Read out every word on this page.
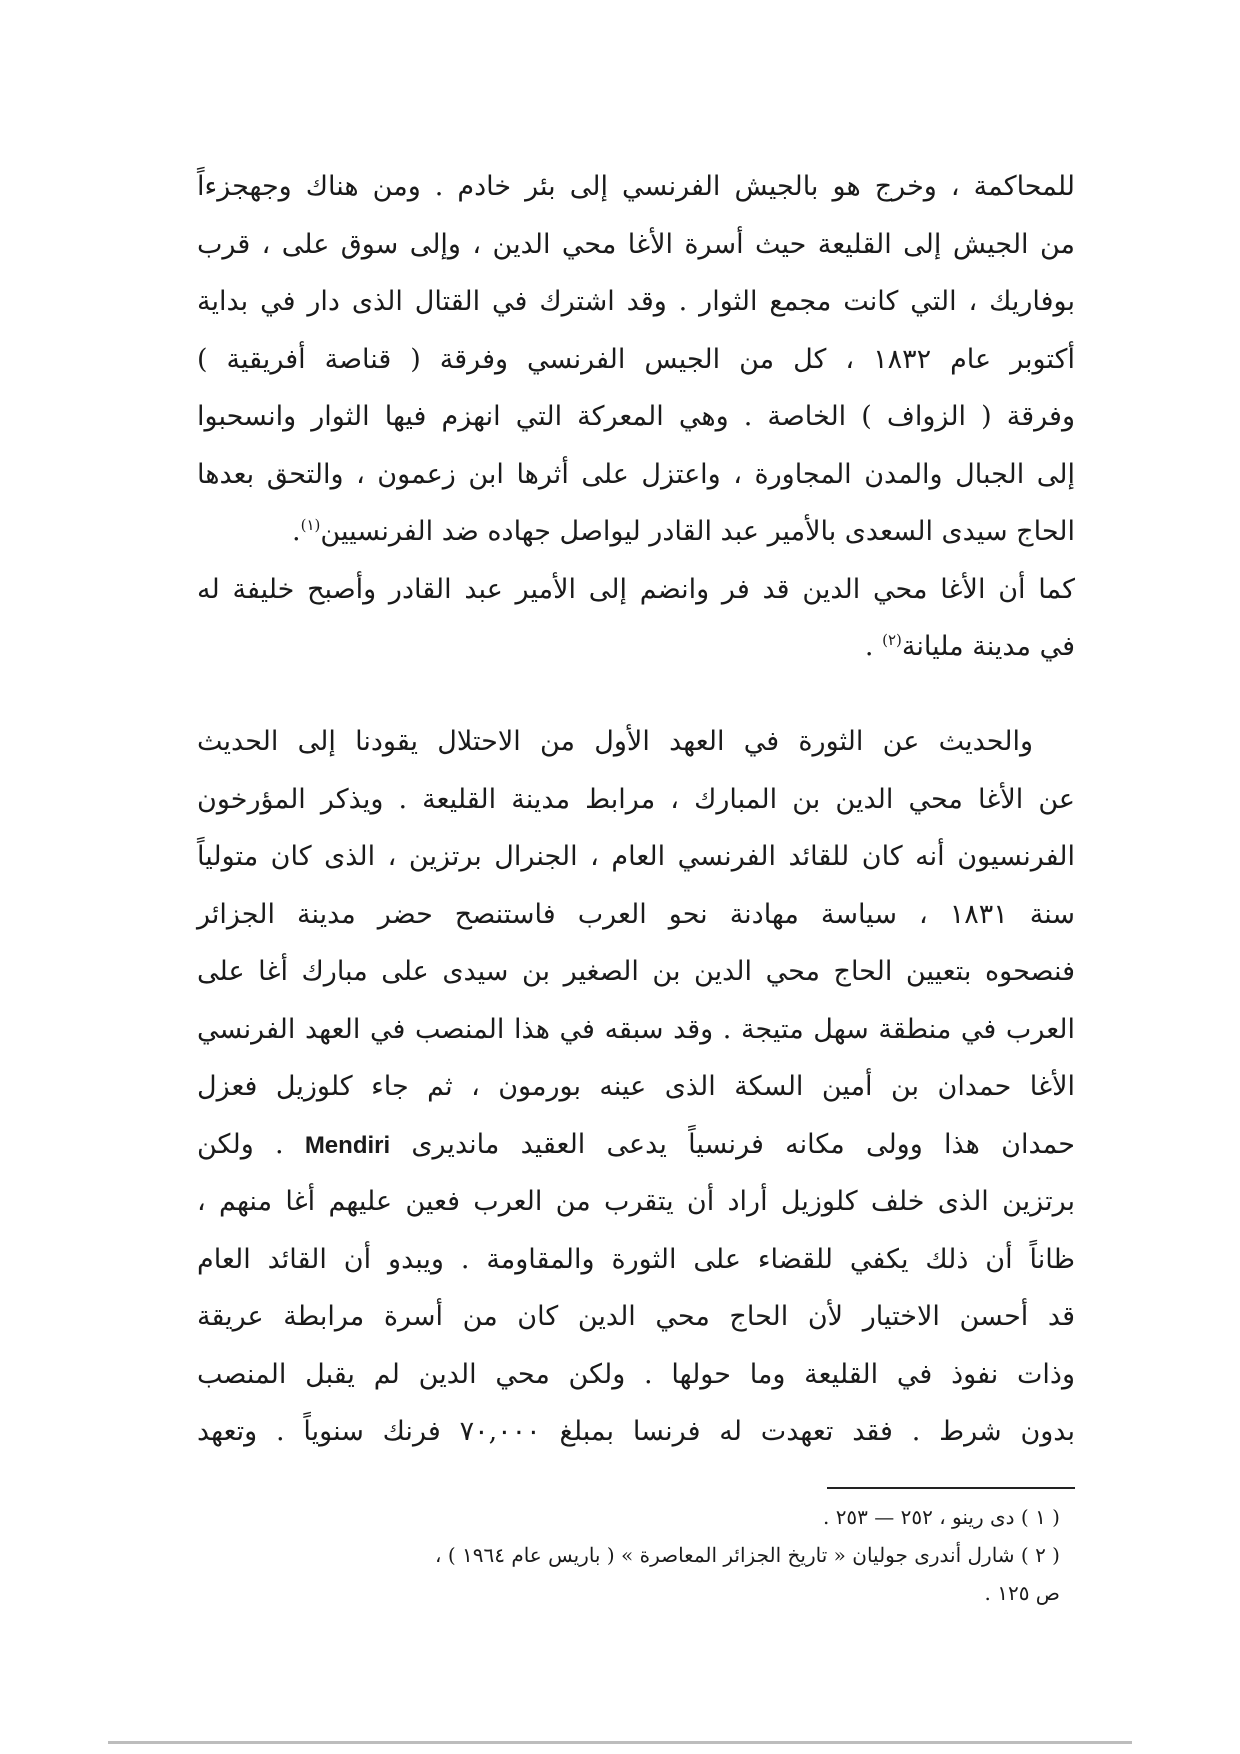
للمحاكمة ، وخرج هو بالجيش الفرنسي إلى بئر خادم . ومن هناك وجهجزءاً
من الجيش إلى القليعة حيث أسرة الأغا محي الدين ، وإلى سوق على ، قرب
بوفاريك ، التي كانت مجمع الثوار . وقد اشترك في القتال الذى دار في بداية
أكتوبر عام ١٨٣٢ ، كل من الجيس الفرنسي وفرقة ( قناصة أفريقية )
وفرقة ( الزواف ) الخاصة . وهي المعركة التي انهزم فيها الثوار وانسحبوا
إلى الجبال والمدن المجاورة ، واعتزل على أثرها ابن زعمون ، والتحق بعدها
الحاج سيدى السعدى بالأمير عبد القادر ليواصل جهاده ضد الفرنسيين$^{(١)}$.
كما أن الأغا محي الدين قد فر وانضم إلى الأمير عبد القادر وأصبح خليفة له
في مدينة مليانة$^{(٢)}$ .
والحديث عن الثورة في العهد الأول من الاحتلال يقودنا إلى الحديث
عن الأغا محي الدين بن المبارك ، مرابط مدينة القليعة . ويذكر المؤرخون
الفرنسيون أنه كان للقائد الفرنسي العام ، الجنرال برتزين ، الذى كان متولياً
سنة ١٨٣١ ، سياسة مهادنة نحو العرب فاستنصح حضر مدينة الجزائر
فنصحوه بتعيين الحاج محي الدين بن الصغير بن سيدى على مبارك أغا على
العرب في منطقة سهل متيجة . وقد سبقه في هذا المنصب في العهد الفرنسي
الأغا حمدان بن أمين السكة الذى عينه بورمون ، ثم جاء كلوزيل فعزل
حمدان هذا وولى مكانه فرنسياً يدعى العقيد مانديرى Mendiri . ولكن
برتزين الذى خلف كلوزيل أراد أن يتقرب من العرب فعين عليهم أغا منهم ،
ظاناً أن ذلك يكفي للقضاء على الثورة والمقاومة . ويبدو أن القائد العام
قد أحسن الاختيار لأن الحاج محي الدين كان من أسرة مرابطة عريقة
وذات نفوذ في القليعة وما حولها . ولكن محي الدين لم يقبل المنصب
بدون شرط . فقد تعهدت له فرنسا بمبلغ ٧٠,٠٠٠ فرنك سنوياً . وتعهد
( ١ ) دى رينو ، ٢٥٢ — ٢٥٣ .
( ٢ ) شارل أندرى جوليان « تاريخ الجزائر المعاصرة » ( باريس عام ١٩٦٤ ) ،
ص ١٢٥ .
